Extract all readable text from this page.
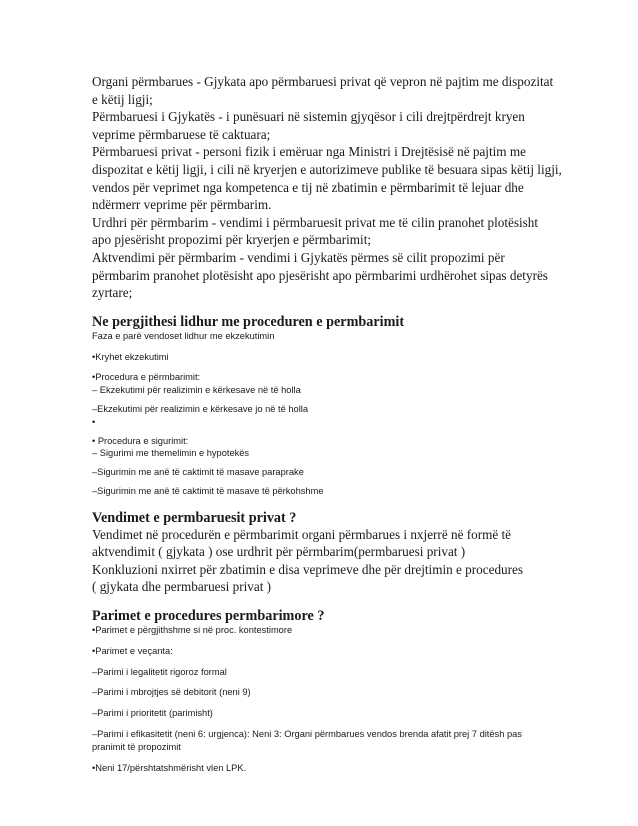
Organi përmbarues - Gjykata apo përmbaruesi privat që vepron në pajtim me dispozitat

e këtij ligji;

Përmbaruesi i Gjykatës - i punësuari në sistemin gjyqësor i cili drejtpërdrejt kryen

veprime përmbaruese të caktuara;

Përmbaruesi privat - personi fizik i emëruar nga Ministri i Drejtësisë në pajtim me

dispozitat e këtij ligji, i cili në kryerjen e autorizimeve publike të besuara sipas këtij ligji,

vendos për veprimet nga kompetenca e tij në zbatimin e përmbarimit të lejuar dhe

ndërmerr veprime për përmbarim.

Urdhri për përmbarim - vendimi i përmbaruesit privat me të cilin pranohet plotësisht

apo pjesërisht propozimi për kryerjen e përmbarimit;

Aktvendimi për përmbarim - vendimi i Gjykatës përmes së cilit propozimi për

përmbarim pranohet plotësisht apo pjesërisht apo përmbarimi urdhërohet sipas detyrës

zyrtare;

Ne pergjithesi lidhur me proceduren e permbarimit

Faza e parë vendoset lidhur me ekzekutimin

•Kryhet ekzekutimi

•Procedura e përmbarimit:

– Ekzekutimi për realizimin e kërkesave në të holla

–Ekzekutimi për realizimin e kërkesave jo në të holla

•

• Procedura e sigurimit:

– Sigurimi me themelimin e hypotekës

–Sigurimin me anë të caktimit të masave paraprake

–Sigurimin me anë të caktimit të masave të përkohshme

Vendimet e permbaruesit privat ?

Vendimet në procedurën e përmbarimit organi përmbarues i nxjerrë në formë të

aktvendimit ( gjykata ) ose urdhrit për përmbarim(permbaruesi privat )

Konkluzioni nxirret për zbatimin e disa veprimeve dhe për drejtimin e procedures

( gjykata dhe permbaruesi privat )

Parimet e procedures permbarimore ?

•Parimet e përgjithshme si në proc. kontestimore

•Parimet e veçanta:

–Parimi i legalitetit rigoroz formal

–Parimi i mbrojtjes së debitorit (neni 9)

–Parimi i prioritetit (parimisht)

–Parimi i efikasitetit (neni 6: urgjenca): Neni 3: Organi përmbarues vendos brenda afatit prej 7 ditësh pas

pranimit të propozimit

•Neni 17/përshtatshmërisht vlen LPK.
